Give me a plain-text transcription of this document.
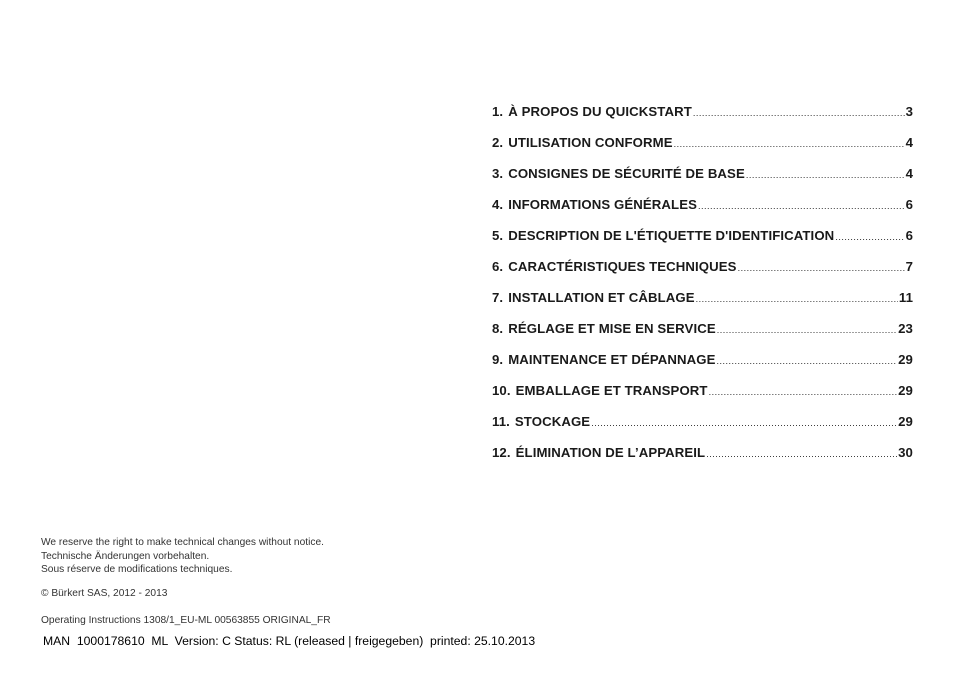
1. À PROPOS DU QUICKSTART .....	3
2. UTILISATION CONFORME .....	4
3. CONSIGNES DE SÉCURITÉ DE BASE .....	4
4. INFORMATIONS GÉNÉRALES .....	6
5. DESCRIPTION DE L'ÉTIQUETTE D'IDENTIFICATION .....	6
6. CARACTÉRISTIQUES TECHNIQUES .....	7
7. INSTALLATION ET CÂBLAGE .....	11
8. RÉGLAGE ET MISE EN SERVICE .....	23
9. MAINTENANCE ET DÉPANNAGE .....	29
10. EMBALLAGE ET TRANSPORT .....	29
11. STOCKAGE .....	29
12. ÉLIMINATION DE L’APPAREIL .....	30
We reserve the right to make technical changes without notice.
Technische Änderungen vorbehalten.
Sous réserve de modifications techniques.
© Bürkert SAS, 2012 - 2013
Operating Instructions 1308/1_EU-ML 00563855 ORIGINAL_FR
MAN  1000178610  ML  Version: C Status: RL (released | freigegeben)  printed: 25.10.2013
